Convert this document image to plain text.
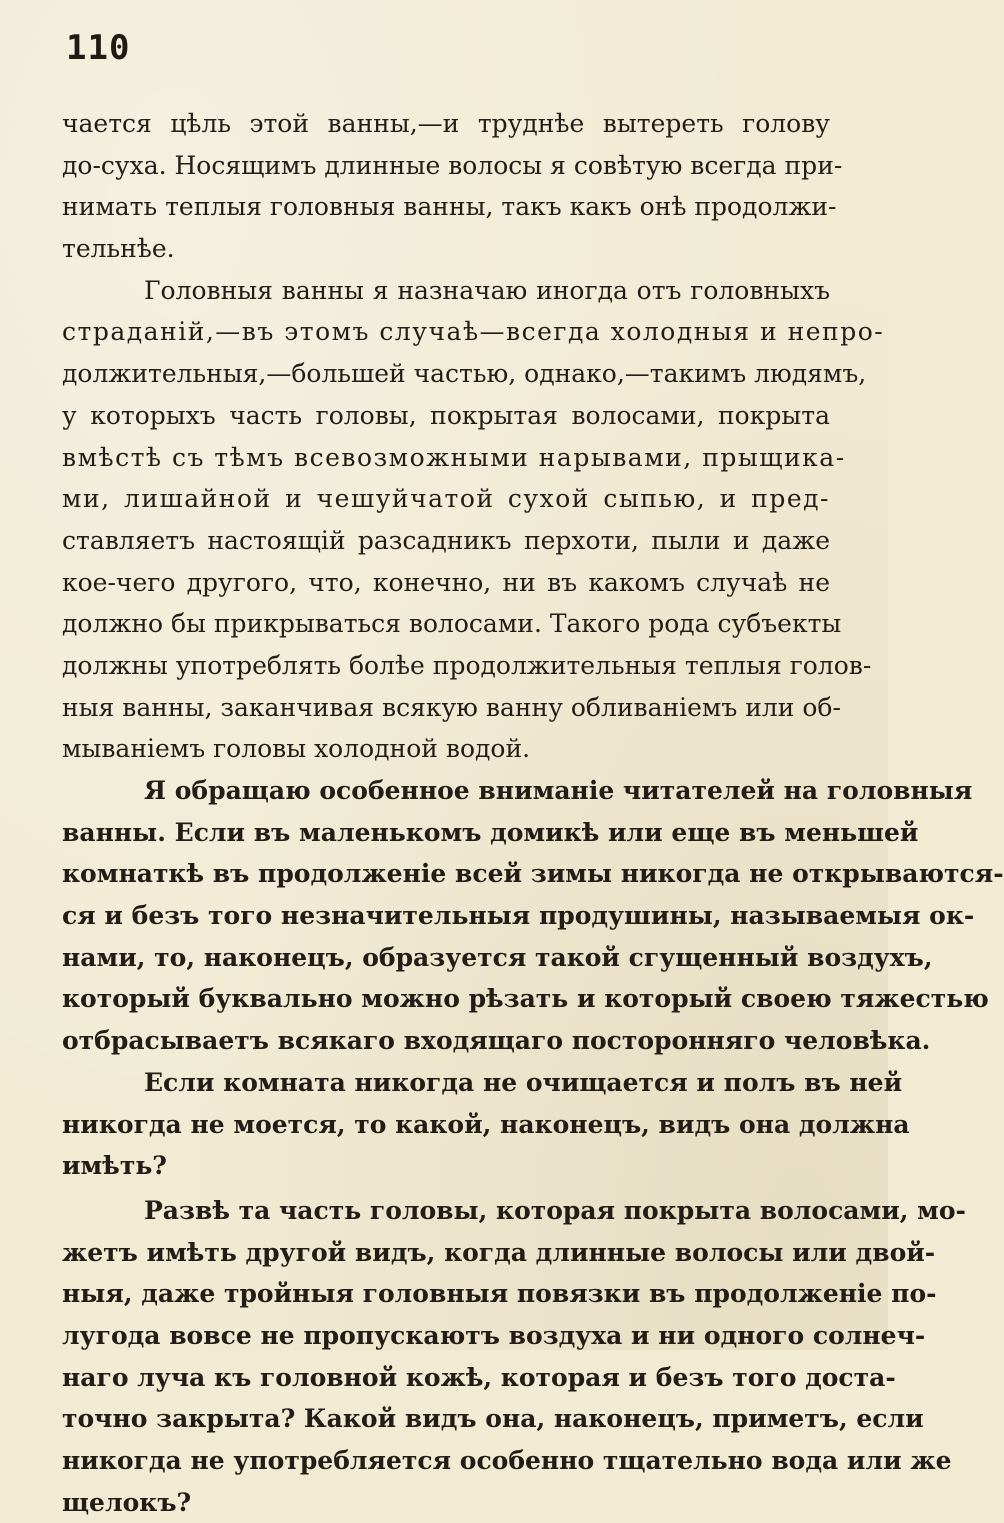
110
чается цѣль этой ванны,—и труднѣе вытереть голову
до-суха. Носящимъ длинные волосы я совѣтую всегда при-
нимать теплыя головныя ванны, такъ какъ онѣ продолжи-
тельнѣе.
Головныя ванны я назначаю иногда отъ головныхъ
страданій,—въ этомъ случаѣ—всегда холодныя и непро-
должительныя,—большей частью, однако,—такимъ людямъ,
у которыхъ часть головы, покрытая волосами, покрыта
вмѣстѣ съ тѣмъ всевозможными нарывами, прыщика-
ми, лишайной и чешуйчатой сухой сыпью, и пред-
ставляетъ настоящій разсадникъ перхоти, пыли и даже
кое-чего другого, что, конечно, ни въ какомъ случаѣ не
должно бы прикрываться волосами. Такого рода субъекты
должны употреблять болѣе продолжительныя теплыя голов-
ныя ванны, заканчивая всякую ванну обливаніемъ или об-
мываніемъ головы холодной водой.
Я обращаю особенное вниманіе читателей на головныя
ванны. Если въ маленькомъ домикѣ или еще въ меньшей
комнаткѣ въ продолженіе всей зимы никогда не открываются-
ся и безъ того незначительныя продушины, называемыя ок-
нами, то, наконецъ, образуется такой сгущенный воздухъ,
который буквально можно рѣзать и который своею тяжестью
отбрасываетъ всякаго входящаго посторонняго человѣка.
Если комната никогда не очищается и полъ въ ней
никогда не моется, то какой, наконецъ, видъ она должна
имѣть?
Развѣ та часть головы, которая покрыта волосами, мо-
жетъ имѣть другой видъ, когда длинные волосы или двой-
ныя, даже тройныя головныя повязки въ продолженіе по-
лугода вовсе не пропускаютъ воздуха и ни одного солнеч-
наго луча къ головной кожѣ, которая и безъ того доста-
точно закрыта? Какой видъ она, наконецъ, приметъ, если
никогда не употребляется особенно тщательно вода или же
щелокъ?
